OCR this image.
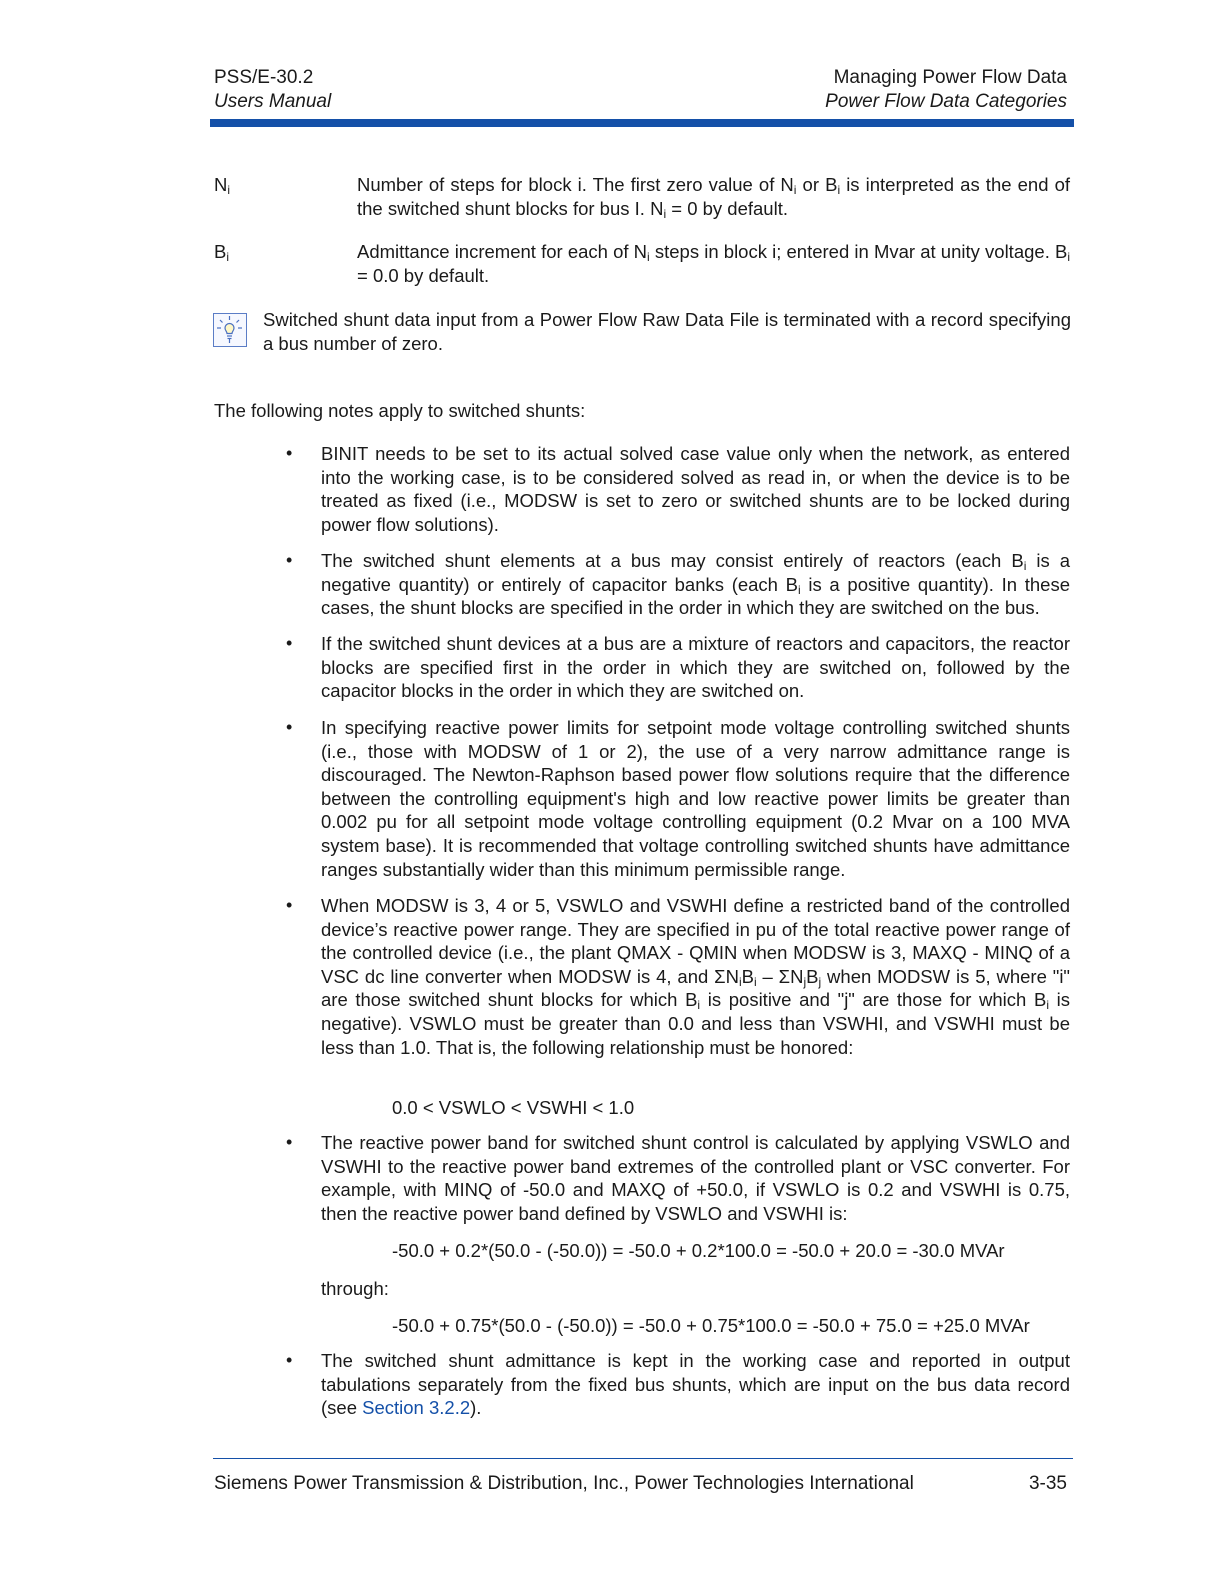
PSS/E-30.2
Users Manual
Managing Power Flow Data
Power Flow Data Categories
$N_i$	Number of steps for block i. The first zero value of $N_i$ or $B_i$ is interpreted as the end of the switched shunt blocks for bus I. $N_i = 0$ by default.
$B_i$	Admittance increment for each of $N_i$ steps in block i; entered in Mvar at unity voltage. $B_i = 0.0$ by default.
Switched shunt data input from a Power Flow Raw Data File is terminated with a record specifying a bus number of zero.
The following notes apply to switched shunts:
• BINIT needs to be set to its actual solved case value only when the network, as entered into the working case, is to be considered solved as read in, or when the device is to be treated as fixed (i.e., MODSW is set to zero or switched shunts are to be locked during power flow solutions).
• The switched shunt elements at a bus may consist entirely of reactors (each $B_i$ is a negative quantity) or entirely of capacitor banks (each $B_i$ is a positive quantity). In these cases, the shunt blocks are specified in the order in which they are switched on the bus.
• If the switched shunt devices at a bus are a mixture of reactors and capacitors, the reactor blocks are specified first in the order in which they are switched on, followed by the capacitor blocks in the order in which they are switched on.
• In specifying reactive power limits for setpoint mode voltage controlling switched shunts (i.e., those with MODSW of 1 or 2), the use of a very narrow admittance range is discouraged. The Newton-Raphson based power flow solutions require that the difference between the controlling equipment's high and low reactive power limits be greater than 0.002 pu for all setpoint mode voltage controlling equipment (0.2 Mvar on a 100 MVA system base). It is recommended that voltage controlling switched shunts have admittance ranges substantially wider than this minimum permissible range.
• When MODSW is 3, 4 or 5, VSWLO and VSWHI define a restricted band of the controlled device’s reactive power range. They are specified in pu of the total reactive power range of the controlled device (i.e., the plant QMAX - QMIN when MODSW is 3, MAXQ - MINQ of a VSC dc line converter when MODSW is 4, and $\Sigma N_iB_i - \Sigma N_jB_j$ when MODSW is 5, where "i" are those switched shunt blocks for which $B_i$ is positive and "j" are those for which $B_i$ is negative). VSWLO must be greater than 0.0 and less than VSWHI, and VSWHI must be less than 1.0. That is, the following relationship must be honored:
0.0 < VSWLO < VSWHI < 1.0
• The reactive power band for switched shunt control is calculated by applying VSWLO and VSWHI to the reactive power band extremes of the controlled plant or VSC converter. For example, with MINQ of -50.0 and MAXQ of +50.0, if VSWLO is 0.2 and VSWHI is 0.75, then the reactive power band defined by VSWLO and VSWHI is:
-50.0 + 0.2*(50.0 - (-50.0)) = -50.0 + 0.2*100.0 = -50.0 + 20.0 = -30.0 MVAr
through:
-50.0 + 0.75*(50.0 - (-50.0)) = -50.0 + 0.75*100.0 = -50.0 + 75.0 = +25.0 MVAr
• The switched shunt admittance is kept in the working case and reported in output tabulations separately from the fixed bus shunts, which are input on the bus data record (see Section 3.2.2).
Siemens Power Transmission & Distribution, Inc., Power Technologies International	3-35
